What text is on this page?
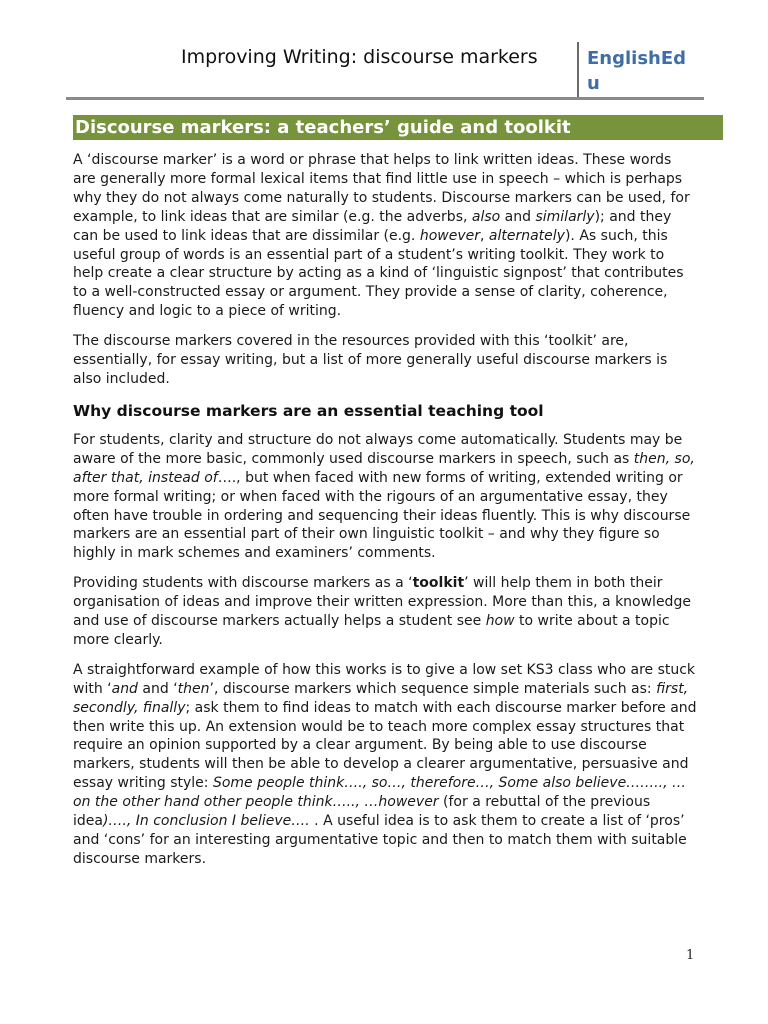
Improving Writing: discourse markers	EnglishEdu
Discourse markers: a teachers’ guide and toolkit

A ‘discourse marker’ is a word or phrase that helps to link written ideas. These words are generally more formal lexical items that find little use in speech – which is perhaps why they do not always come naturally to students. Discourse markers can be used, for example, to link ideas that are similar (e.g. the adverbs, also and similarly); and they can be used to link ideas that are dissimilar (e.g. however, alternately). As such, this useful group of words is an essential part of a student’s writing toolkit. They work to help create a clear structure by acting as a kind of ‘linguistic signpost’ that contributes to a well-constructed essay or argument. They provide a sense of clarity, coherence, fluency and logic to a piece of writing.

The discourse markers covered in the resources provided with this ‘toolkit’ are, essentially, for essay writing, but a list of more generally useful discourse markers is also included.

Why discourse markers are an essential teaching tool

For students, clarity and structure do not always come automatically. Students may be aware of the more basic, commonly used discourse markers in speech, such as then, so, after that, instead of…., but when faced with new forms of writing, extended writing or more formal writing; or when faced with the rigours of an argumentative essay, they often have trouble in ordering and sequencing their ideas fluently. This is why discourse markers are an essential part of their own linguistic toolkit – and why they figure so highly in mark schemes and examiners’ comments.

Providing students with discourse markers as a ‘toolkit’ will help them in both their organisation of ideas and improve their written expression. More than this, a knowledge and use of discourse markers actually helps a student see how to write about a topic more clearly.

A straightforward example of how this works is to give a low set KS3 class who are stuck with ‘and and ‘then’, discourse markers which sequence simple materials such as: first, secondly, finally; ask them to find ideas to match with each discourse marker before and then write this up. An extension would be to teach more complex essay structures that require an opinion supported by a clear argument. By being able to use discourse markers, students will then be able to develop a clearer argumentative, persuasive and essay writing style: Some people think…., so…, therefore…, Some also believe…….., …on the other hand other people think….., …however (for a rebuttal of the previous idea)…., In conclusion I believe…. . A useful idea is to ask them to create a list of ‘pros’ and ‘cons’ for an interesting argumentative topic and then to match them with suitable discourse markers.

1
